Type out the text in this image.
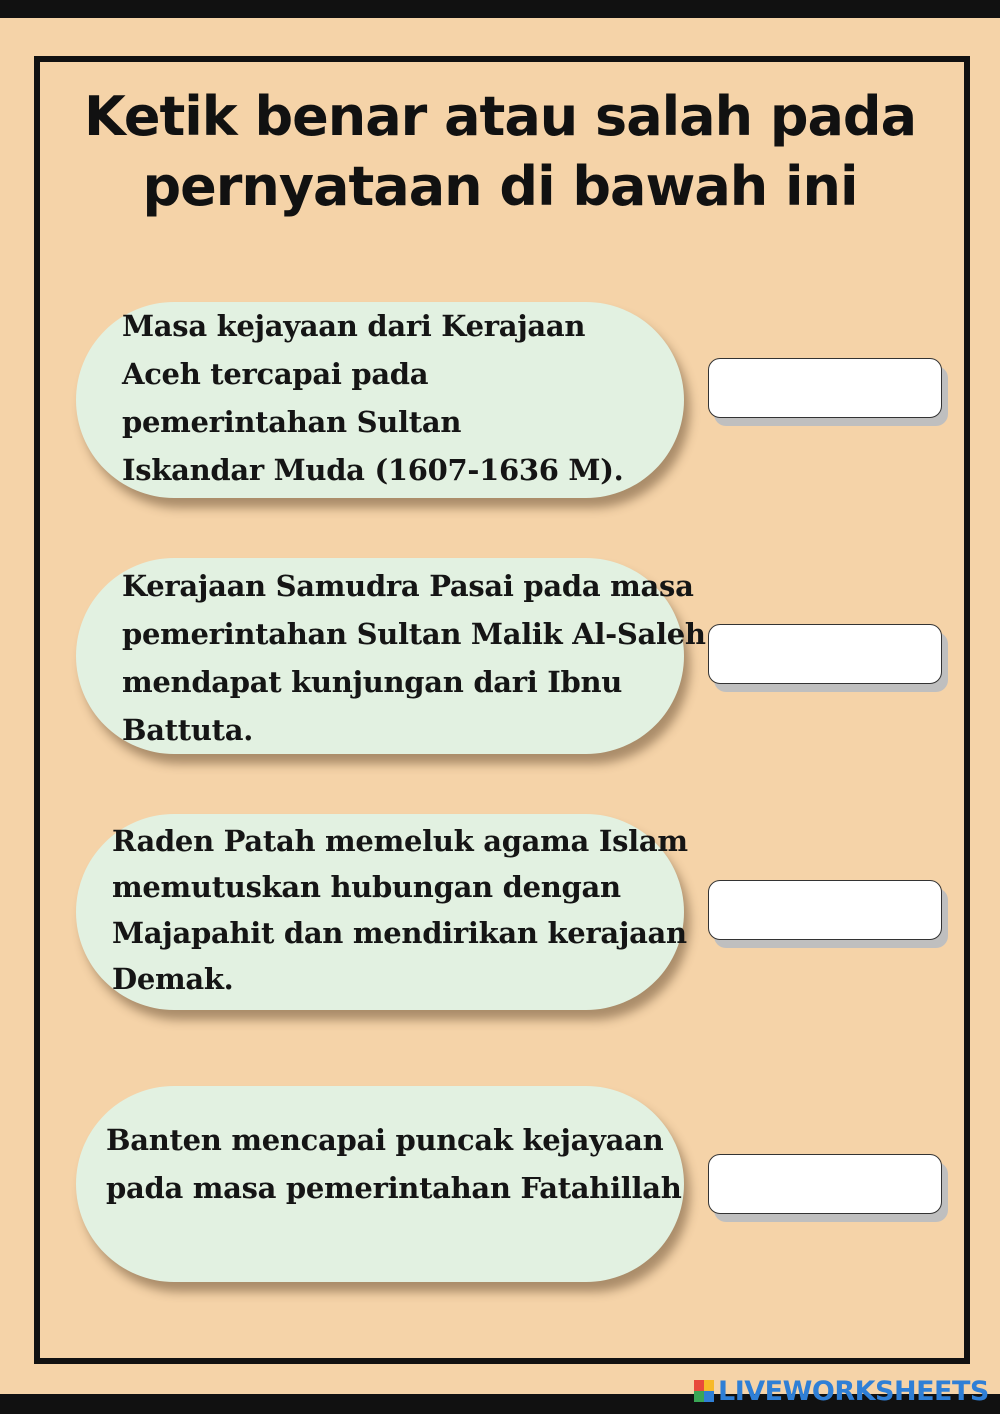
Ketik benar atau salah pada
pernyataan di bawah ini
Masa kejayaan dari Kerajaan
Aceh tercapai pada
pemerintahan Sultan
Iskandar Muda (1607-1636 M).
Kerajaan Samudra Pasai pada masa
pemerintahan Sultan Malik Al-Saleh
mendapat kunjungan dari Ibnu
Battuta.
Raden Patah memeluk agama Islam
memutuskan hubungan dengan
Majapahit dan mendirikan kerajaan
Demak.
Banten mencapai puncak kejayaan
pada masa pemerintahan Fatahillah
LIVEWORKSHEETS
